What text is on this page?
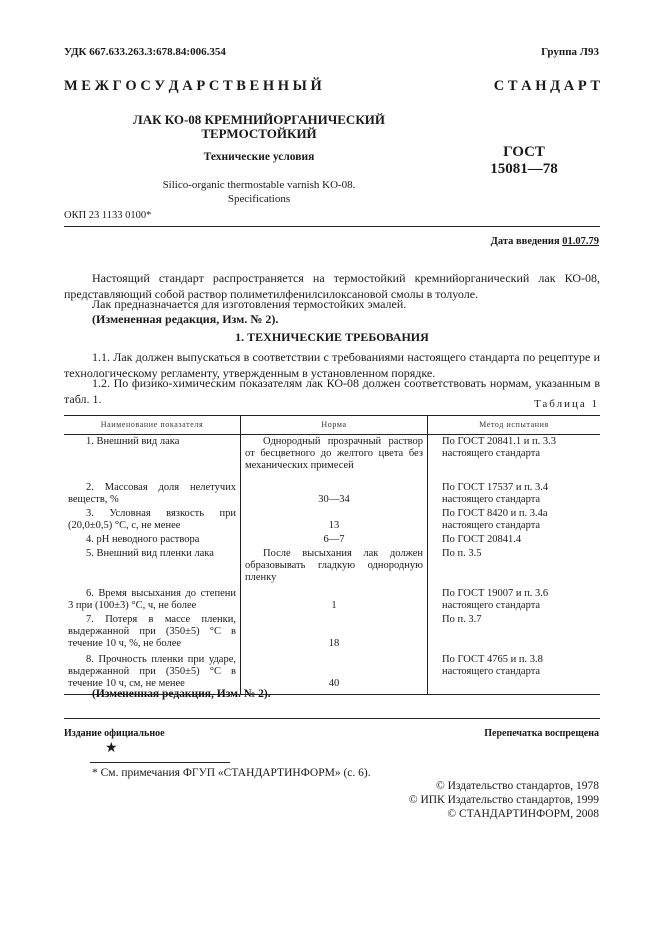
УДК 667.633.263.3:678.84:006.354	Группа Л93
М Е Ж Г О С У Д А Р С Т В Е Н Н Ы Й	С Т А Н Д А Р Т
ЛАК КО-08 КРЕМНИЙОРГАНИЧЕСКИЙ
ТЕРМОСТОЙКИЙ
Технические условия
Silico-organic thermostable varnish KO-08.
Specifications
ГОСТ
15081—78
ОКП 23 1133 0100*
Дата введения 01.07.79
Настоящий стандарт распространяется на термостойкий кремнийорганический лак КО-08, представляющий собой раствор полиметилфенилсилоксановой смолы в толуоле.
Лак предназначается для изготовления термостойких эмалей.
(Измененная редакция, Изм. № 2).
1. ТЕХНИЧЕСКИЕ ТРЕБОВАНИЯ
1.1. Лак должен выпускаться в соответствии с требованиями настоящего стандарта по рецептуре и технологическому регламенту, утвержденным в установленном порядке.
1.2. По физико-химическим показателям лак КО-08 должен соответствовать нормам, указанным в табл. 1.	Таблица 1
Наименование показателя	Норма	Метод испытания
1. Внешний вид лака	Однородный прозрачный раствор от бесцветного до желтого цвета без механических примесей	По ГОСТ 20841.1 и п. 3.3 настоящего стандарта
2. Массовая доля нелетучих веществ, %	30—34	По ГОСТ 17537 и п. 3.4 настоящего стандарта
3. Условная вязкость при (20,0±0,5) °С, с, не менее	13	По ГОСТ 8420 и п. 3.4а настоящего стандарта
4. рН неводного раствора	6—7	По ГОСТ 20841.4
5. Внешний вид пленки лака	После высыхания лак должен образовывать гладкую однородную пленку	По п. 3.5
6. Время высыхания до степени 3 при (100±3) °С, ч, не более	1	По ГОСТ 19007 и п. 3.6 настоящего стандарта
7. Потеря в массе пленки, выдержанной при (350±5) °С в течение 10 ч, %, не более	18	По п. 3.7
8. Прочность пленки при ударе, выдержанной при (350±5) °С в течение 10 ч, см, не менее	40	По ГОСТ 4765 и п. 3.8 настоящего стандарта
(Измененная редакция, Изм. № 2).
Издание официальное
★
Перепечатка воспрещена
* См. примечания ФГУП «СТАНДАРТИНФОРМ» (с. 6).
© Издательство стандартов, 1978
© ИПК Издательство стандартов, 1999
© СТАНДАРТИНФОРМ, 2008
